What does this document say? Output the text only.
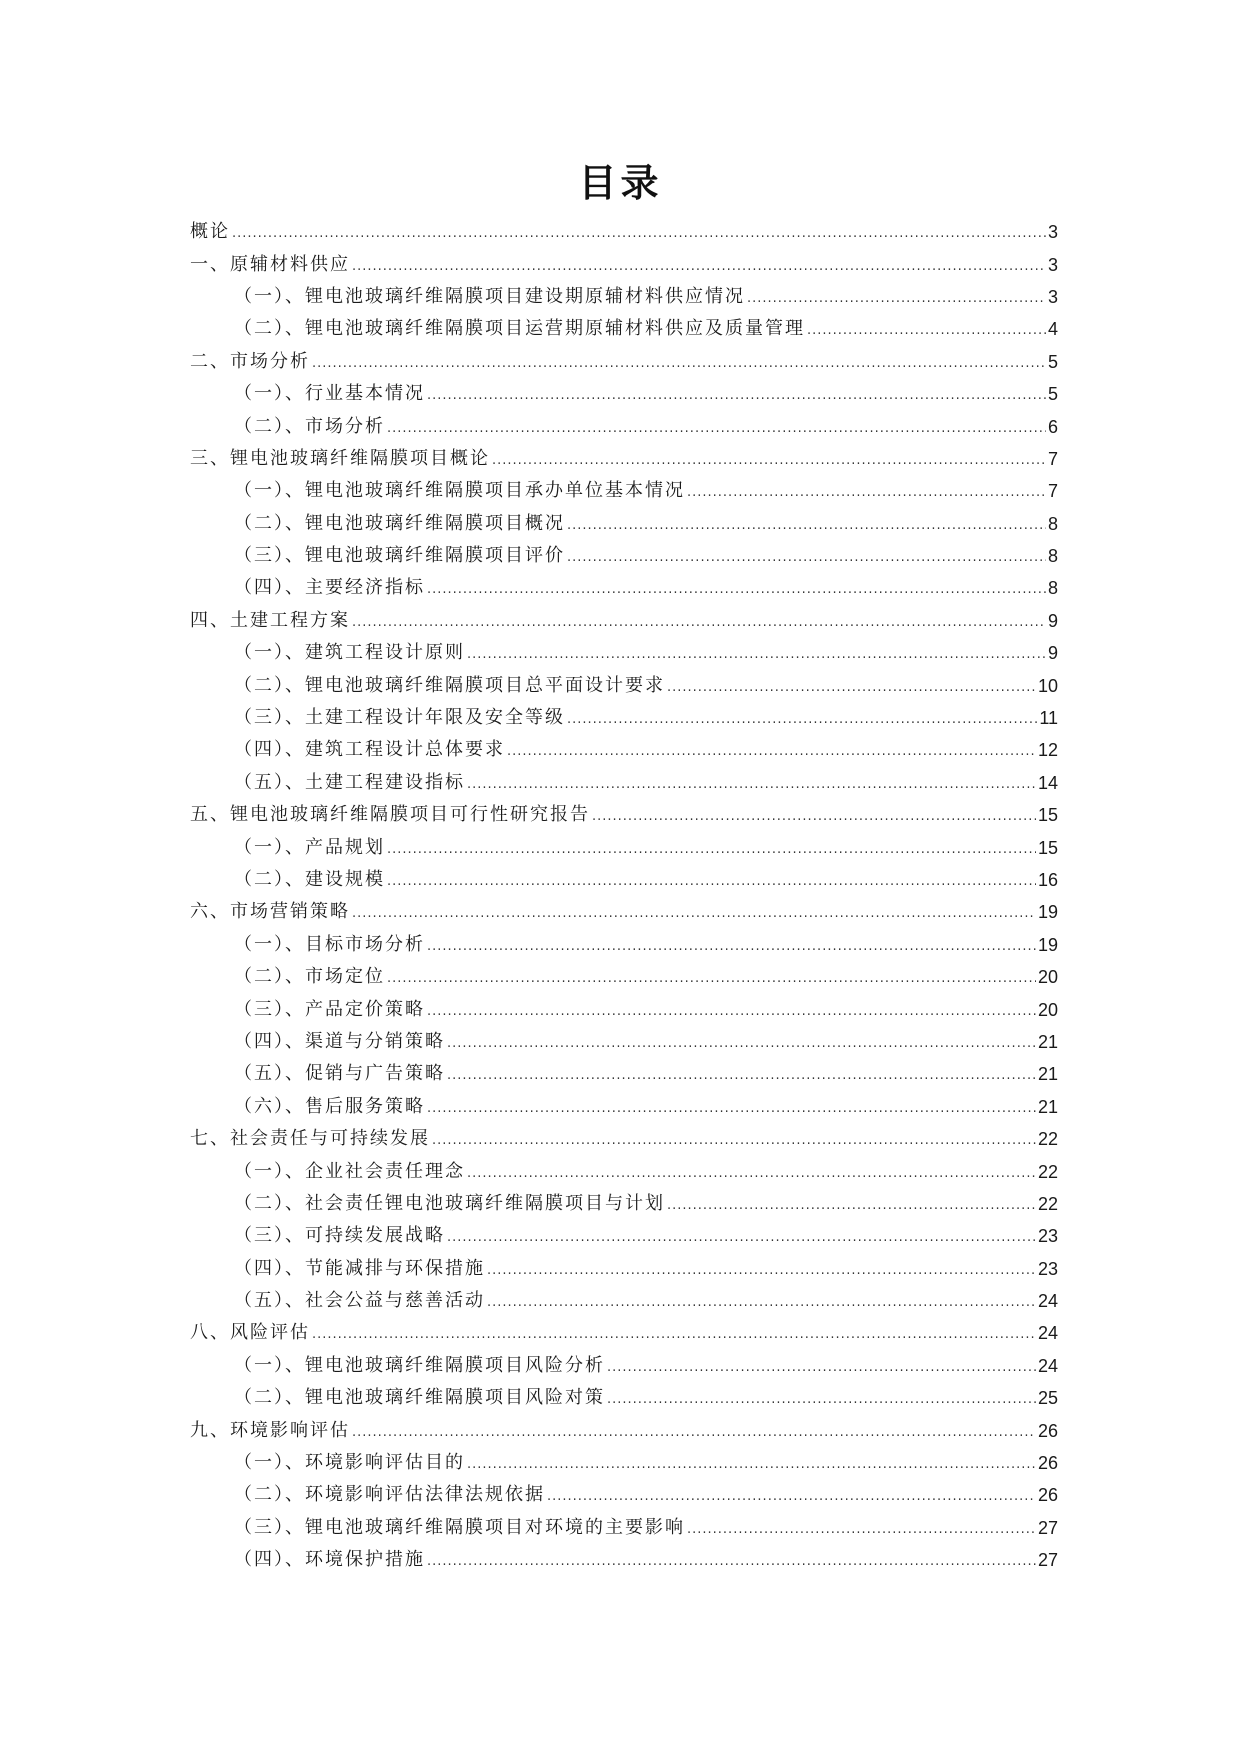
目录
概论 .....	3
一、原辅材料供应 .....	3
（一）、锂电池玻璃纤维隔膜项目建设期原辅材料供应情况 .....	3
（二）、锂电池玻璃纤维隔膜项目运营期原辅材料供应及质量管理 .....	4
二、市场分析 .....	5
（一）、行业基本情况 .....	5
（二）、市场分析 .....	6
三、锂电池玻璃纤维隔膜项目概论 .....	7
（一）、锂电池玻璃纤维隔膜项目承办单位基本情况 .....	7
（二）、锂电池玻璃纤维隔膜项目概况 .....	8
（三）、锂电池玻璃纤维隔膜项目评价 .....	8
（四）、主要经济指标 .....	8
四、土建工程方案 .....	9
（一）、建筑工程设计原则 .....	9
（二）、锂电池玻璃纤维隔膜项目总平面设计要求 .....	10
（三）、土建工程设计年限及安全等级 .....	11
（四）、建筑工程设计总体要求 .....	12
（五）、土建工程建设指标 .....	14
五、锂电池玻璃纤维隔膜项目可行性研究报告 .....	15
（一）、产品规划 .....	15
（二）、建设规模 .....	16
六、市场营销策略 .....	19
（一）、目标市场分析 .....	19
（二）、市场定位 .....	20
（三）、产品定价策略 .....	20
（四）、渠道与分销策略 .....	21
（五）、促销与广告策略 .....	21
（六）、售后服务策略 .....	21
七、社会责任与可持续发展 .....	22
（一）、企业社会责任理念 .....	22
（二）、社会责任锂电池玻璃纤维隔膜项目与计划 .....	22
（三）、可持续发展战略 .....	23
（四）、节能减排与环保措施 .....	23
（五）、社会公益与慈善活动 .....	24
八、风险评估 .....	24
（一）、锂电池玻璃纤维隔膜项目风险分析 .....	24
（二）、锂电池玻璃纤维隔膜项目风险对策 .....	25
九、环境影响评估 .....	26
（一）、环境影响评估目的 .....	26
（二）、环境影响评估法律法规依据 .....	26
（三）、锂电池玻璃纤维隔膜项目对环境的主要影响 .....	27
（四）、环境保护措施 .....	27
